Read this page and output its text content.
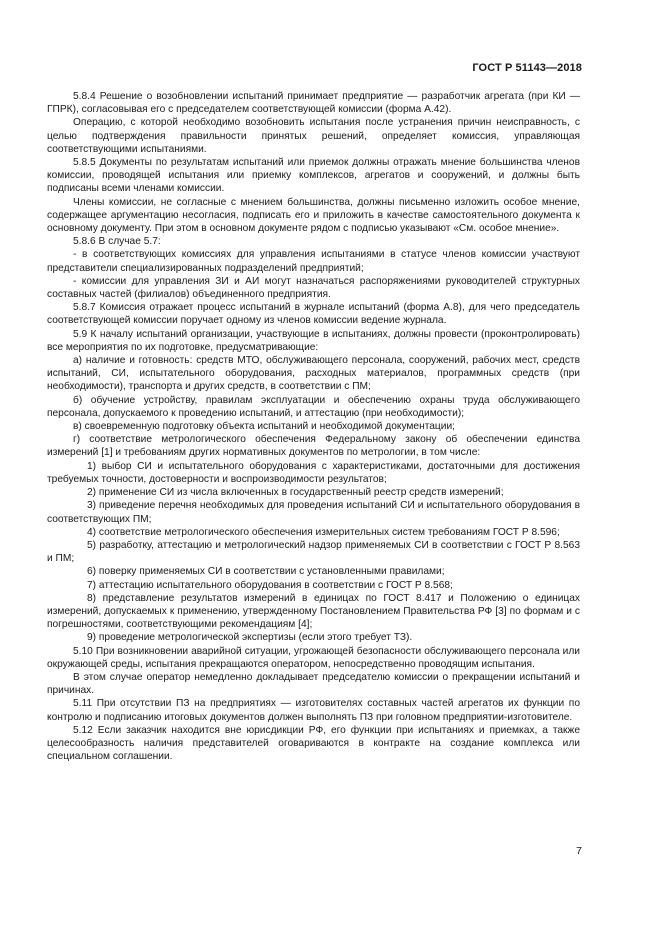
ГОСТ Р 51143—2018

5.8.4 Решение о возобновлении испытаний принимает предприятие — разработчик агрегата (при КИ — ГПРК), согласовывая его с председателем соответствующей комиссии (форма А.42).

Операцию, с которой необходимо возобновить испытания после устранения причин неисправность, с целью подтверждения правильности принятых решений, определяет комиссия, управляющая соответствующими испытаниями.

5.8.5 Документы по результатам испытаний или приемок должны отражать мнение большинства членов комиссии, проводящей испытания или приемку комплексов, агрегатов и сооружений, и должны быть подписаны всеми членами комиссии.

Члены комиссии, не согласные с мнением большинства, должны письменно изложить особое мнение, содержащее аргументацию несогласия, подписать его и приложить в качестве самостоятельного документа к основному документу. При этом в основном документе рядом с подписью указывают «См. особое мнение».

5.8.6 В случае 5.7:

- в соответствующих комиссиях для управления испытаниями в статусе членов комиссии участвуют представители специализированных подразделений предприятий;

- комиссии для управления ЗИ и АИ могут назначаться распоряжениями руководителей структурных составных частей (филиалов) объединенного предприятия.

5.8.7 Комиссия отражает процесс испытаний в журнале испытаний (форма А.8), для чего председатель соответствующей комиссии поручает одному из членов комиссии ведение журнала.

5.9 К началу испытаний организации, участвующие в испытаниях, должны провести (проконтролировать) все мероприятия по их подготовке, предусматривающие:

а) наличие и готовность: средств МТО, обслуживающего персонала, сооружений, рабочих мест, средств испытаний, СИ, испытательного оборудования, расходных материалов, программных средств (при необходимости), транспорта и других средств, в соответствии с ПМ;

б) обучение устройству, правилам эксплуатации и обеспечению охраны труда обслуживающего персонала, допускаемого к проведению испытаний, и аттестацию (при необходимости);

в) своевременную подготовку объекта испытаний и необходимой документации;

г) соответствие метрологического обеспечения Федеральному закону об обеспечении единства измерений [1] и требованиям других нормативных документов по метрологии, в том числе:

1) выбор СИ и испытательного оборудования с характеристиками, достаточными для достижения требуемых точности, достоверности и воспроизводимости результатов;

2) применение СИ из числа включенных в государственный реестр средств измерений;

3) приведение перечня необходимых для проведения испытаний СИ и испытательного оборудования в соответствующих ПМ;

4) соответствие метрологического обеспечения измерительных систем требованиям ГОСТ Р 8.596;

5) разработку, аттестацию и метрологический надзор применяемых СИ в соответствии с ГОСТ Р 8.563 и ПМ;

6) поверку применяемых СИ в соответствии с установленными правилами;

7) аттестацию испытательного оборудования в соответствии с ГОСТ Р 8.568;

8) представление результатов измерений в единицах по ГОСТ 8.417 и Положению о единицах измерений, допускаемых к применению, утвержденному Постановлением Правительства РФ [3] по формам и с погрешностями, соответствующими рекомендациям [4];

9) проведение метрологической экспертизы (если этого требует ТЗ).

5.10 При возникновении аварийной ситуации, угрожающей безопасности обслуживающего персонала или окружающей среды, испытания прекращаются оператором, непосредственно проводящим испытания.

В этом случае оператор немедленно докладывает председателю комиссии о прекращении испытаний и причинах.

5.11 При отсутствии ПЗ на предприятиях — изготовителях составных частей агрегатов их функции по контролю и подписанию итоговых документов должен выполнять ПЗ при головном предприятии-изготовителе.

5.12 Если заказчик находится вне юрисдикции РФ, его функции при испытаниях и приемках, а также целесообразность наличия представителей оговариваются в контракте на создание комплекса или специальном соглашении.

7
